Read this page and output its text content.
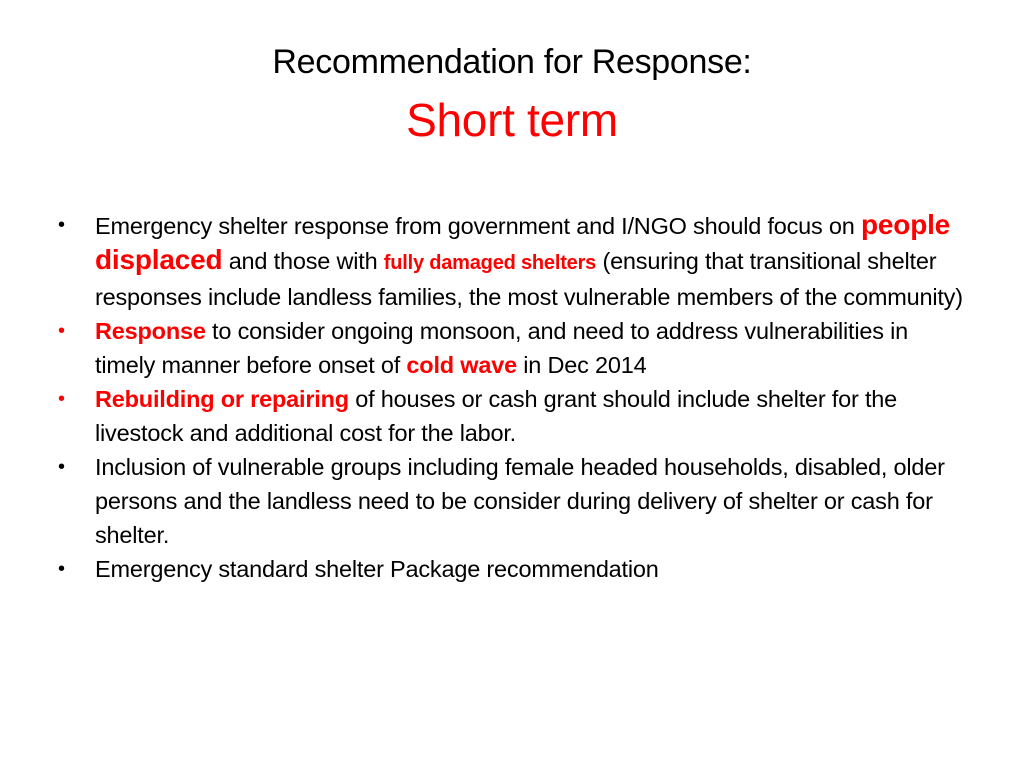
Recommendation for Response:
Short term
•	Emergency shelter response from government and I/NGO should focus on people displaced and those with fully damaged shelters (ensuring that transitional shelter responses include landless families, the most vulnerable members of the community)
•	Response to consider ongoing monsoon, and need to address vulnerabilities in timely manner before onset of cold wave in Dec 2014
•	Rebuilding or repairing of houses or cash grant should include shelter for the livestock and additional cost for the labor.
•	Inclusion of vulnerable groups including female headed households, disabled, older persons and the landless need to be consider during delivery of shelter or cash for shelter.
•	Emergency standard shelter Package recommendation
